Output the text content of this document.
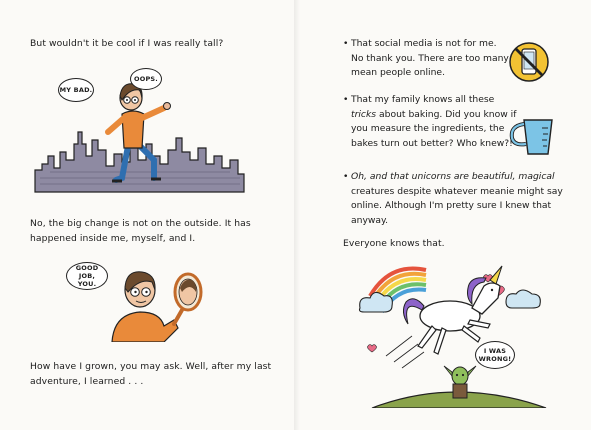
But wouldn't it be cool if I was really tall?
MY BAD.
OOPS.
No, the big change is not on the outside. It has
happened inside me, myself, and I.
GOOD JOB,
YOU.
How have I grown, you may ask. Well, after my last
adventure, I learned . . .
• That social media is not for me.
No thank you. There are too many
mean people online.
• That my family knows all these
tricks about baking. Did you know if
you measure the ingredients, the
bakes turn out better? Who knew?!
• Oh, and that unicorns are beautiful, magical
creatures despite whatever meanie might say
online. Although I'm pretty sure I knew that
anyway.
Everyone knows that.
I WAS
WRONG!
